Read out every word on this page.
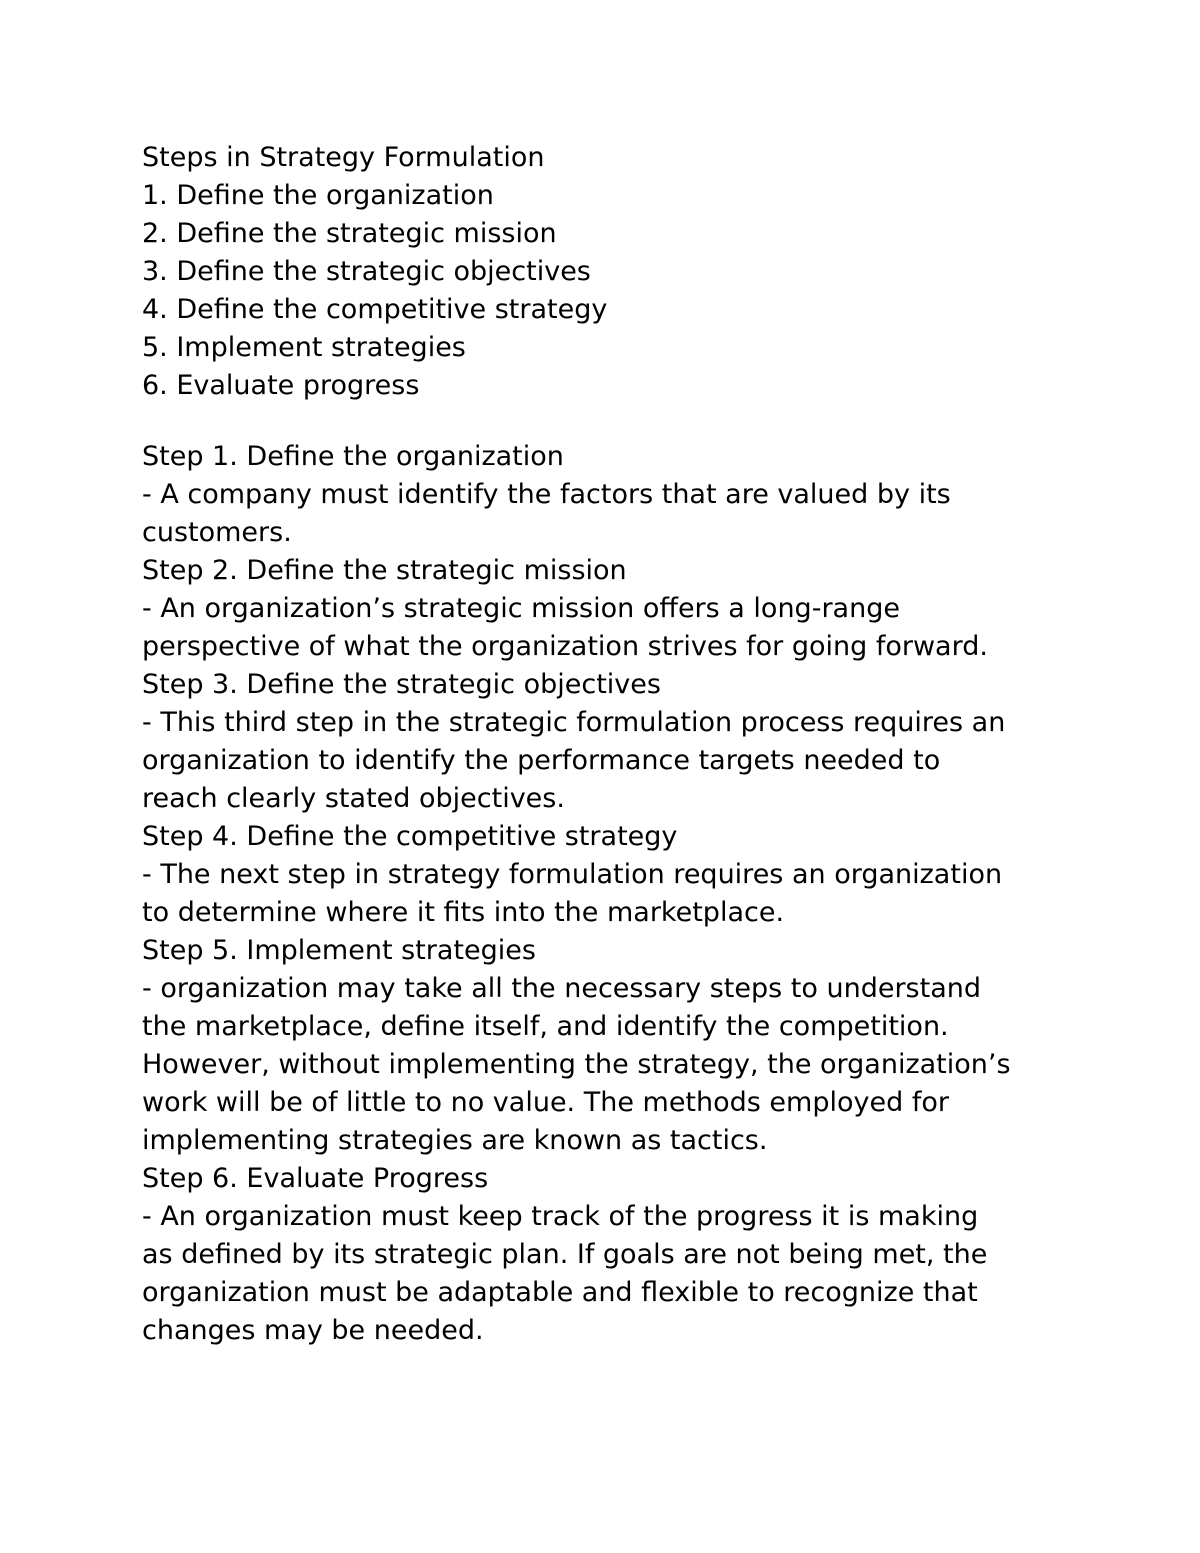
Steps in Strategy Formulation
1. Define the organization
2. Define the strategic mission
3. Define the strategic objectives
4. Define the competitive strategy
5. Implement strategies
6. Evaluate progress
Step 1. Define the organization
- A company must identify the factors that are valued by its
customers.
Step 2. Define the strategic mission
- An organization’s strategic mission offers a long-range
perspective of what the organization strives for going forward.
Step 3. Define the strategic objectives
- This third step in the strategic formulation process requires an
organization to identify the performance targets needed to
reach clearly stated objectives.
Step 4. Define the competitive strategy
- The next step in strategy formulation requires an organization
to determine where it fits into the marketplace.
Step 5. Implement strategies
- organization may take all the necessary steps to understand
the marketplace, define itself, and identify the competition.
However, without implementing the strategy, the organization’s
work will be of little to no value. The methods employed for
implementing strategies are known as tactics.
Step 6. Evaluate Progress
- An organization must keep track of the progress it is making
as defined by its strategic plan. If goals are not being met, the
organization must be adaptable and flexible to recognize that
changes may be needed.
